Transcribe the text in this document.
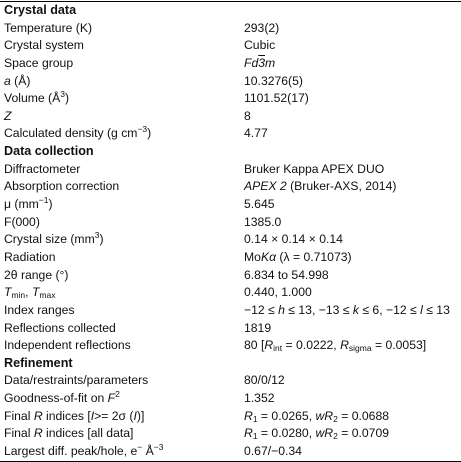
Crystal data
Temperature (K)	293(2)
Crystal system	Cubic
Space group	Fd3m
a (Å)	10.3276(5)
Volume $(Å^3)$	1101.52(17)
Z	8
Calculated density (g $cm^{-3}$)	4.77
Data collection
Diffractometer	Bruker Kappa APEX DUO
Absorption correction	APEX 2 (Bruker-AXS, 2014)
μ $(mm^{-1})$	5.645
F(000)	1385.0
Crystal size $(mm^3)$	0.14 × 0.14 × 0.14
Radiation	MoKα (λ = 0.71073)
2θ range (°)	6.834 to 54.998
$T_{min}$, $T_{max}$	0.440, 1.000
Index ranges	−12 ≤ h ≤ 13, −13 ≤ k ≤ 6, −12 ≤ l ≤ 13
Reflections collected	1819
Independent reflections	80 [$R_{int} = 0.0222$, $R_{sigma} = 0.0053$]
Refinement
Data/restraints/parameters	80/0/12
Goodness-of-fit on $F^2$	1.352
Final R indices [I>= 2σ (I)]	$R_1 = 0.0265$, $wR_2 = 0.0688$
Final R indices [all data]	$R_1 = 0.0280$, $wR_2 = 0.0709$
Largest diff. peak/hole, e− $Å^{-3}$	0.67/−0.34
